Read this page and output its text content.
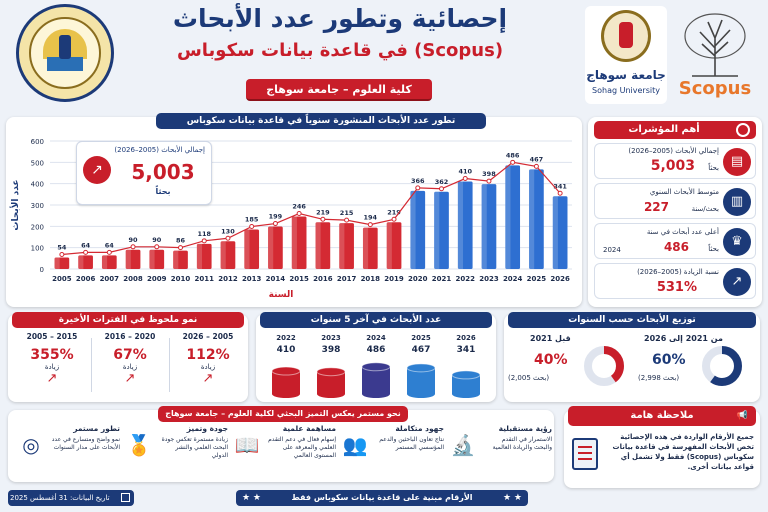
إحصائية وتطور عدد الأبحاث
في قاعدة بيانات سكوباس (Scopus)
كلية العلوم – جامعة سوهاج
جامعة سوهاج
Sohag University	Scopus
تطور عدد الأبحاث المنشورة سنوياً في قاعدة بيانات سكوباس
0
100
200
300
400
500
600
عدد الأبحاث
54
2005
64
2006
64
2007
90
2008
90
2009
86
2010
118
2011
130
2012
185
2013
199
2014
246
2015
219
2016
215
2017
194
2018
219
2019
366
2020
362
2021
410
2022
398
2023
486
2024
467
2025
341
2026
السنة
↗
إجمالي الأبحاث (2005–2026)
5,003
بحثاً
أهم المؤشرات
▤
إجمالي الأبحاث (2005–2026)
5,003 بحثاً
▥
متوسط الأبحاث السنوي
بحث/سنة
227
♛
أعلى عدد أبحاث في سنة
بحثاً
486
2024
↗
نسبة الزيادة (2005–2026)
531%
نمو ملحوظ في الفترات الأخيرة
2005 – 2015
355%
زيادة
↗
2016 – 2020
67%
زيادة
↗
2026 – 2005
112%
زيادة
↗
عدد الأبحاث في آخر 5 سنوات
2022
410
2023
398
2024
486
2025
467
2026
341
توزيع الأبحاث حسب السنوات
قبل 2021
40%
(2,005 بحث)
من 2021 إلى 2026
60%
(2,998 بحث)
نحو مستمر يعكس التميز البحثي لكلية العلوم – جامعة سوهاج
🔬
رؤية مستقبلية
الاستمرار في التقدم والبحث والريادة العالمية
👥
جهود متكاملة
نتاج تعاون الباحثين والدعم المؤسسي المستمر
📖
مساهمة علمية
إسهام فعال في دعم التقدم العلمي والمعرفة على المستوى العالمي
🏅
جودة وتميز
زيادة مستمرة تعكس جودة البحث العلمي والنشر الدولي
◎
تطور مستمر
نمو واضح ومتسارع في عدد الأبحاث على مدار السنوات
📢
ملاحظة هامة
جميع الأرقام الواردة في هذه الإحصائية تخص الأبحاث المفهرسة في قاعدة بيانات سكوباس (Scopus) فقط ولا تشمل أي قواعد بيانات أخرى.
تاريخ البيانات: 31 أغسطس 2025	★ ★	الأرقام مبنية على قاعدة بيانات سكوباس فقط	★ ★
